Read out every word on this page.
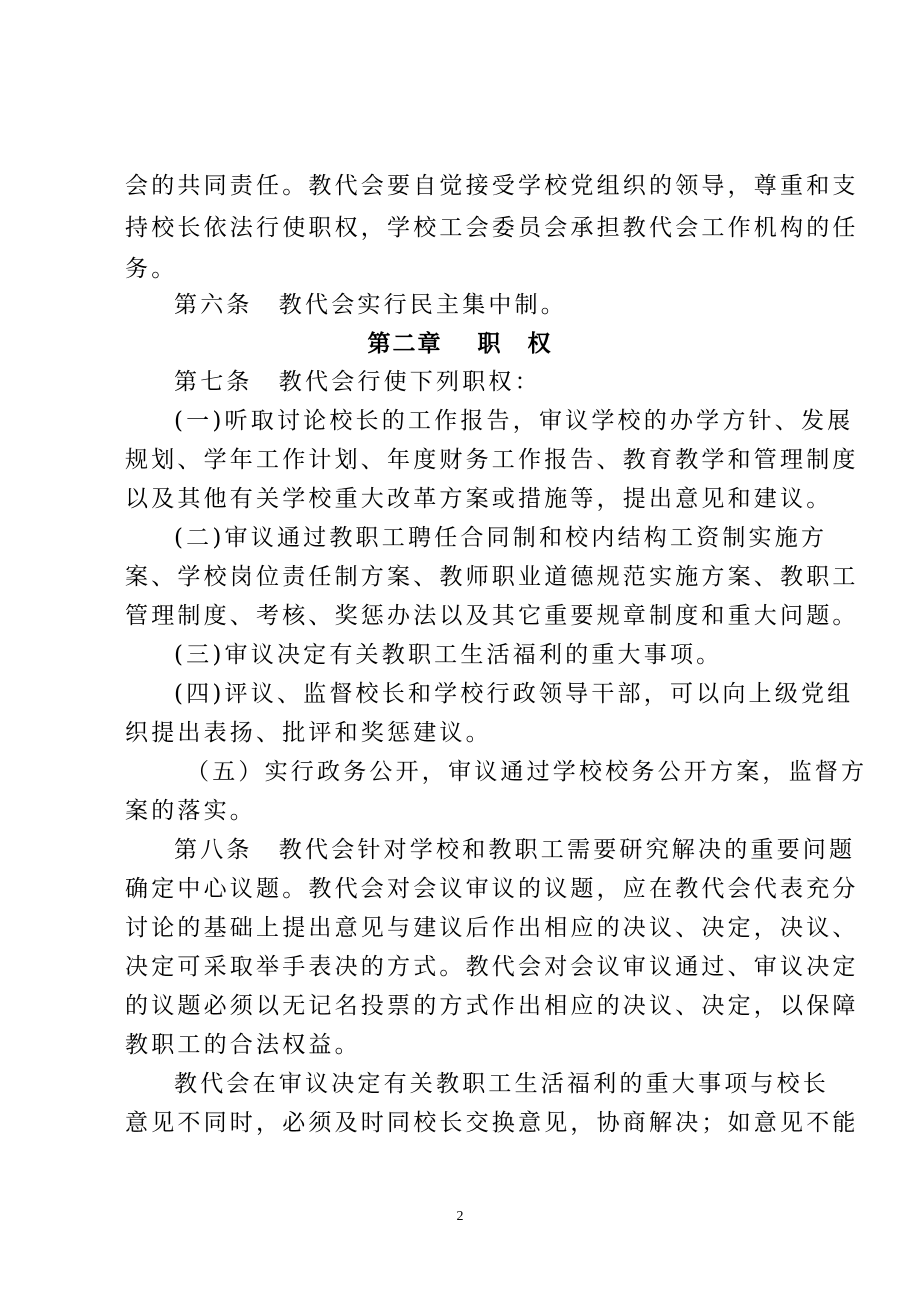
会的共同责任。教代会要自觉接受学校党组织的领导，尊重和支
持校长依法行使职权，学校工会委员会承担教代会工作机构的任
务。
第六条　教代会实行民主集中制。
第二章　 职　权
第七条　教代会行使下列职权：
(一)听取讨论校长的工作报告，审议学校的办学方针、发展
规划、学年工作计划、年度财务工作报告、教育教学和管理制度
以及其他有关学校重大改革方案或措施等，提出意见和建议。
(二)审议通过教职工聘任合同制和校内结构工资制实施方
案、学校岗位责任制方案、教师职业道德规范实施方案、教职工
管理制度、考核、奖惩办法以及其它重要规章制度和重大问题。
(三)审议决定有关教职工生活福利的重大事项。
(四)评议、监督校长和学校行政领导干部，可以向上级党组
织提出表扬、批评和奖惩建议。
（五）实行政务公开，审议通过学校校务公开方案，监督方
案的落实。
第八条　教代会针对学校和教职工需要研究解决的重要问题
确定中心议题。教代会对会议审议的议题，应在教代会代表充分
讨论的基础上提出意见与建议后作出相应的决议、决定，决议、
决定可采取举手表决的方式。教代会对会议审议通过、审议决定
的议题必须以无记名投票的方式作出相应的决议、决定，以保障
教职工的合法权益。
教代会在审议决定有关教职工生活福利的重大事项与校长
意见不同时，必须及时同校长交换意见，协商解决；如意见不能
2
